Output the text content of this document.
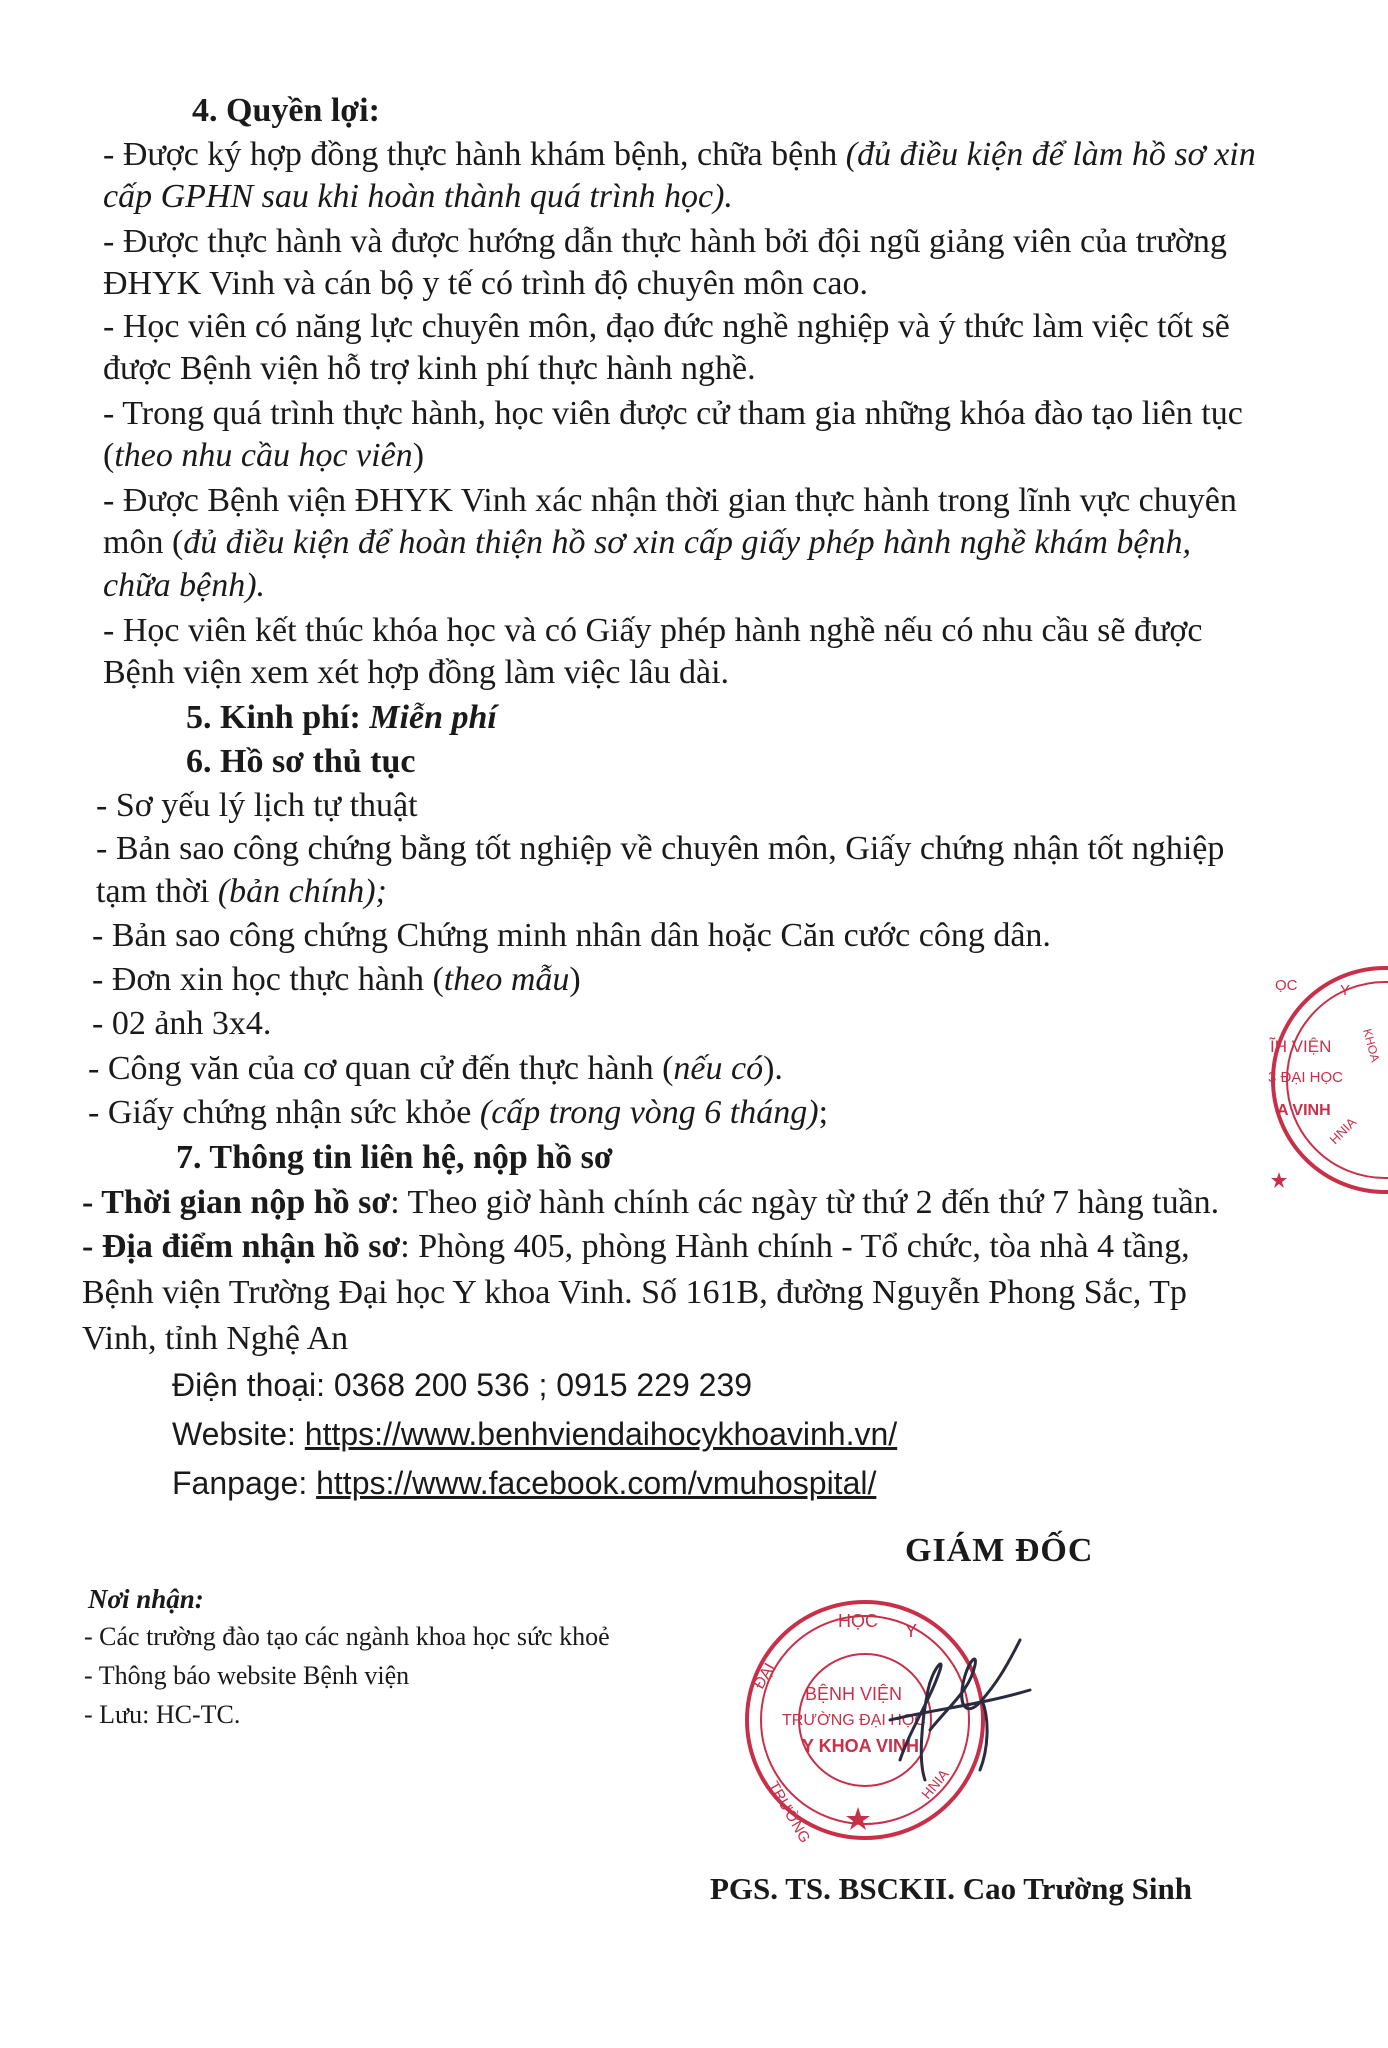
4. Quyền lợi:
- Được ký hợp đồng thực hành khám bệnh, chữa bệnh (đủ điều kiện để làm hồ sơ xin
cấp GPHN sau khi hoàn thành quá trình học).
- Được thực hành và được hướng dẫn thực hành bởi đội ngũ giảng viên của trường
ĐHYK Vinh và cán bộ y tế có trình độ chuyên môn cao.
- Học viên có năng lực chuyên môn, đạo đức nghề nghiệp và ý thức làm việc tốt sẽ
được Bệnh viện hỗ trợ kinh phí thực hành nghề.
- Trong quá trình thực hành, học viên được cử tham gia những khóa đào tạo liên tục
(theo nhu cầu học viên)
- Được Bệnh viện ĐHYK Vinh xác nhận thời gian thực hành trong lĩnh vực chuyên
môn (đủ điều kiện để hoàn thiện hồ sơ xin cấp giấy phép hành nghề khám bệnh,
chữa bệnh).
- Học viên kết thúc khóa học và có Giấy phép hành nghề nếu có nhu cầu sẽ được
Bệnh viện xem xét hợp đồng làm việc lâu dài.
5. Kinh phí: Miễn phí
6. Hồ sơ thủ tục
- Sơ yếu lý lịch tự thuật
- Bản sao công chứng bằng tốt nghiệp về chuyên môn, Giấy chứng nhận tốt nghiệp
tạm thời (bản chính);
- Bản sao công chứng Chứng minh nhân dân hoặc Căn cước công dân.
- Đơn xin học thực hành (theo mẫu)
- 02 ảnh 3x4.
- Công văn của cơ quan cử đến thực hành (nếu có).
- Giấy chứng nhận sức khỏe (cấp trong vòng 6 tháng);
7. Thông tin liên hệ, nộp hồ sơ
- Thời gian nộp hồ sơ: Theo giờ hành chính các ngày từ thứ 2 đến thứ 7 hàng tuần.
- Địa điểm nhận hồ sơ: Phòng 405, phòng Hành chính - Tổ chức, tòa nhà 4 tầng,
Bệnh viện Trường Đại học Y khoa Vinh. Số 161B, đường Nguyễn Phong Sắc, Tp
Vinh, tỉnh Nghệ An
Điện thoại: 0368 200 536 ; 0915 229 239
Website: https://www.benhviendaihocykhoavinh.vn/
Fanpage: https://www.facebook.com/vmuhospital/
GIÁM ĐỐC
Nơi nhận:
- Các trường đào tạo các ngành khoa học sức khoẻ
- Thông báo website Bệnh viện
- Lưu: HC-TC.
HỌC Y
ĐẠI
TRƯỜNG	HNIA
BỆNH VIỆN
TRƯỜNG ĐẠI HỌC
Y KHOA VINH
ỌC	Y
ĨH VIỆN
3 ĐẠI HỌC
A VINH
HNIA
KHOA
PGS. TS. BSCKII. Cao Trường Sinh
